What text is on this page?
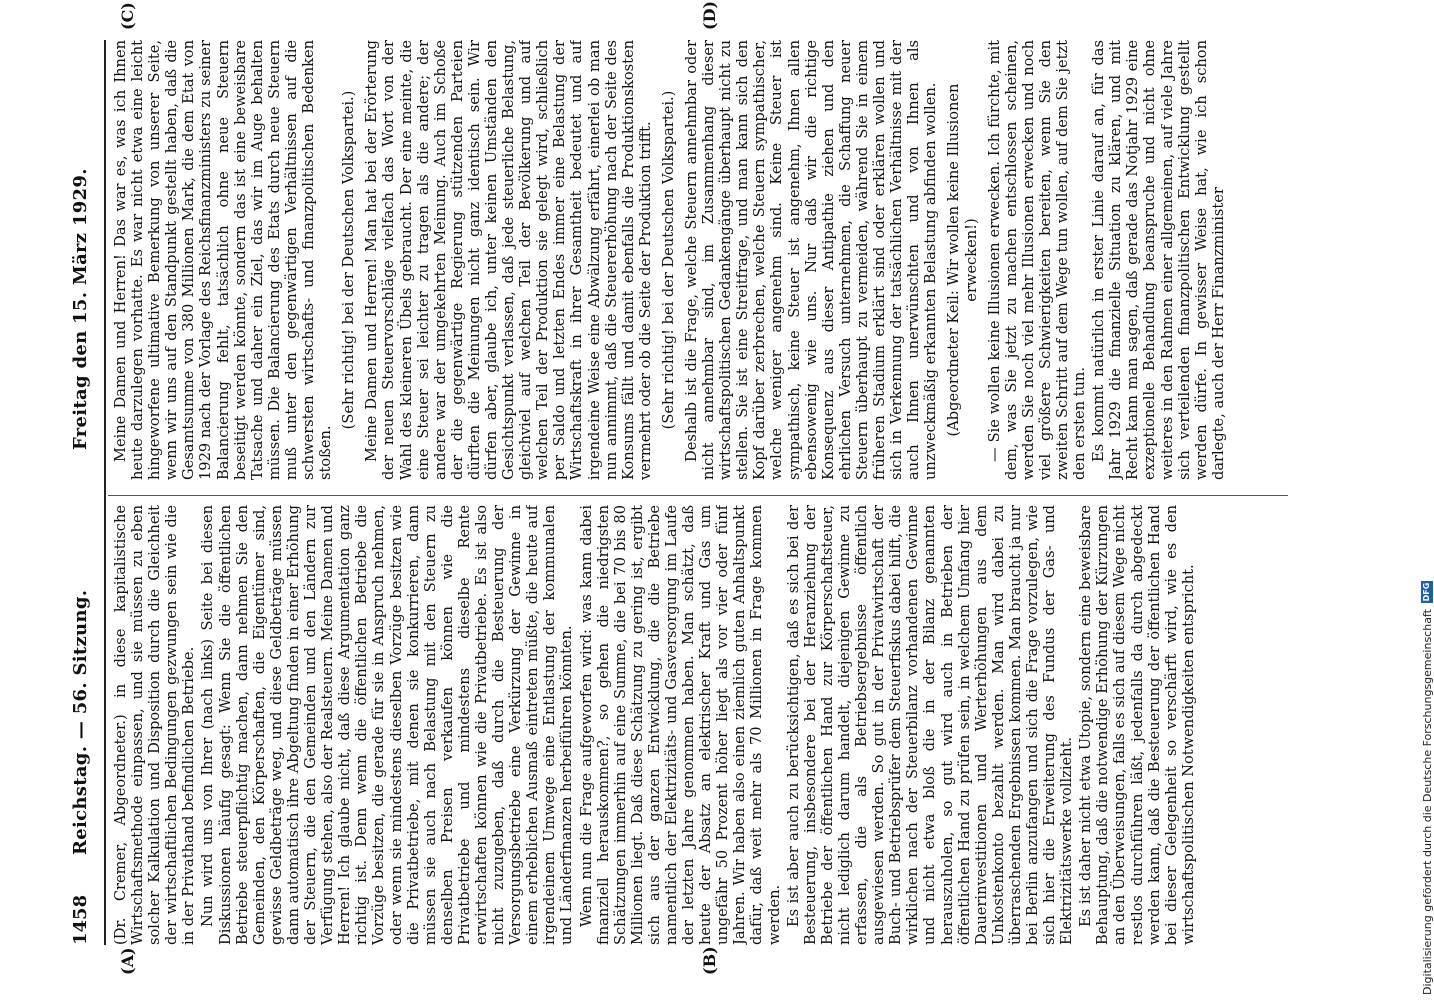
1458
Reichstag. — 56. Sitzung.
Freitag den 15. März 1929.
(A)	(B)
(C)	(D)

(Dr. Cremer, Abgeordneter.) in diese kapitalistische Wirtschaftsmethode einpassen, und sie müssen zu eben solcher Kalkulation und Disposition durch die Gleichheit der wirtschaftlichen Bedingungen gezwungen sein wie die in der Privathand befindlichen Betriebe. Nun wird uns von Ihrer (nach links) Seite bei diesen Diskussionen häufig gesagt: Wenn Sie die öffentlichen Betriebe steuerpflichtig machen, dann nehmen Sie den Gemeinden, den Körperschaften, die Eigentümer sind, gewisse Geldbeträge weg, und diese Geldbeträge müssen dann automatisch ihre Abgeltung finden in einer Erhöhung der Steuern, die den Gemeinden und den Ländern zur Verfügung stehen, also der Realsteuern. Meine Damen und Herren! Ich glaube nicht, daß diese Argumentation ganz richtig ist. Denn wenn die öffentlichen Betriebe die Vorzüge besitzen, die gerade für sie in Anspruch nehmen, oder wenn sie mindestens dieselben Vorzüge besitzen wie die Privatbetriebe, mit denen sie konkurrieren, dann müssen sie auch nach Belastung mit den Steuern zu denselben Preisen verkaufen können wie die Privatbetriebe und mindestens dieselbe Rente erwirtschaften können wie die Privatbetriebe. Es ist also nicht zuzugeben, daß durch die Besteuerung der Versorgungsbetriebe eine Verkürzung der Gewinne in einem erheblichen Ausmaß eintreten müßte, die heute auf irgendeinem Umwege eine Entlastung der kommunalen und Länderfinanzen herbeiführen könnten. Wenn nun die Frage aufgeworfen wird: was kann dabei finanziell herauskommen?, so gehen die niedrigsten Schätzungen immerhin auf eine Summe, die bei 70 bis 80 Millionen liegt. Daß diese Schätzung zu gering ist, ergibt sich aus der ganzen Entwicklung, die die Betriebe namentlich der Elektrizitäts- und Gasversorgung im Laufe der letzten Jahre genommen haben. Man schätzt, daß heute der Absatz an elektrischer Kraft und Gas um ungefähr 50 Prozent höher liegt als vor vier oder fünf Jahren. Wir haben also einen ziemlich guten Anhaltspunkt dafür, daß weit mehr als 70 Millionen in Frage kommen werden. Es ist aber auch zu berücksichtigen, daß es sich bei der Besteuerung, insbesondere bei der Heranziehung der Betriebe der öffentlichen Hand zur Körperschaftsteuer, nicht lediglich darum handelt, diejenigen Gewinne zu erfassen, die als Betriebsergebnisse öffentlich ausgewiesen werden. So gut in der Privatwirtschaft der Buch- und Betriebsprüfer dem Steuerfiskus dabei hilft, die wirklichen nach der Steuerbilanz vorhandenen Gewinne und nicht etwa bloß die in der Bilanz genannten herauszuholen, so gut wird auch in Betrieben der öffentlichen Hand zu prüfen sein, in welchem Umfang hier Dauerinvestitionen und Werterhöhungen aus dem Unkostenkonto bezahlt werden. Man wird dabei zu überraschenden Ergebnissen kommen. Man braucht ja nur bei Berlin anzufangen und sich die Frage vorzulegen, wie sich hier die Erweiterung des Fundus der Gas- und Elektrizitätswerke vollzieht. Es ist daher nicht etwa Utopie, sondern eine beweisbare Behauptung, daß die notwendige Erhöhung der Kürzungen an den Überweisungen, falls es sich auf diesem Wege nicht restlos durchführen läßt, jedenfalls da durch abgedeckt werden kann, daß die Besteuerung der öffentlichen Hand bei dieser Gelegenheit so verschärft wird, wie es den wirtschaftspolitischen Notwendigkeiten entspricht.

Meine Damen und Herren! Das war es, was ich Ihnen heute darzulegen vorhatte. Es war nicht etwa eine leicht hingeworfene ultimative Bemerkung von unserer Seite, wenn wir uns auf den Standpunkt gestellt haben, daß die Gesamtsumme von 380 Millionen Mark, die dem Etat von 1929 nach der Vorlage des Reichsfinanzministers zu seiner Balancierung fehlt, tatsächlich ohne neue Steuern beseitigt werden könnte, sondern das ist eine beweisbare Tatsache und daher ein Ziel, das wir im Auge behalten müssen. Die Balancierung des Etats durch neue Steuern muß unter den gegenwärtigen Verhältnissen auf die schwersten wirtschafts- und finanzpolitischen Bedenken stoßen.

(Sehr richtig! bei der Deutschen Volkspartei.) Meine Damen und Herren! Man hat bei der Erörterung der neuen Steuervorschläge vielfach das Wort von der Wahl des kleineren Übels gebraucht. Der eine meinte, die eine Steuer sei leichter zu tragen als die andere; der andere war der umgekehrten Meinung. Auch im Schoße der die gegenwärtige Regierung stützenden Parteien dürften die Meinungen nicht ganz identisch sein. Wir dürfen aber, glaube ich, unter keinen Umständen den Gesichtspunkt verlassen, daß jede steuerliche Belastung, gleichviel auf welchen Teil der Bevölkerung und auf welchen Teil der Produktion sie gelegt wird, schließlich per Saldo und letzten Endes immer eine Belastung der Wirtschaftskraft in ihrer Gesamtheit bedeutet und auf irgendeine Weise eine Abwälzung erfährt, einerlei ob man nun annimmt, daß die Steuererhöhung nach der Seite des Konsums fällt und damit ebenfalls die Produktionskosten vermehrt oder ob die Seite der Produktion trifft. (Sehr richtig! bei der Deutschen Volkspartei.) Deshalb ist die Frage, welche Steuern annehmbar oder nicht annehmbar sind, im Zusammenhang dieser wirtschaftspolitischen Gedankengänge überhaupt nicht zu stellen. Sie ist eine Streitfrage, und man kann sich den Kopf darüber zerbrechen, welche Steuern sympathischer, welche weniger angenehm sind. Keine Steuer ist sympathisch, keine Steuer ist angenehm, Ihnen allen ebensowenig wie uns. Nur daß wir die richtige Konsequenz aus dieser Antipathie ziehen und den ehrlichen Versuch unternehmen, die Schaffung neuer Steuern überhaupt zu vermeiden, während Sie in einem früheren Stadium erklärt sind oder erklären wollen und sich in Verkennung der tatsächlichen Verhältnisse mit der auch Ihnen unerwünschten und von Ihnen als unzweckmäßig erkannten Belastung abfinden wollen. (Abgeordneter Keil: Wir wollen keine Illusionen erwecken!) — Sie wollen keine Illusionen erwecken. Ich fürchte, mit dem, was Sie jetzt zu machen entschlossen scheinen, werden Sie noch viel mehr Illusionen erwecken und noch viel größere Schwierigkeiten bereiten, wenn Sie den zweiten Schritt auf dem Wege tun wollen, auf dem Sie jetzt den ersten tun. Es kommt natürlich in erster Linie darauf an, für das Jahr 1929 die finanzielle Situation zu klären, und mit Recht kann man sagen, daß gerade das Notjahr 1929 eine exzeptionelle Behandlung beanspruche und nicht ohne weiteres in den Rahmen einer allgemeinen, auf viele Jahre sich verteilenden finanzpolitischen Entwicklung gestellt werden dürfe. In gewisser Weise hat, wie ich schon darlegte, auch der Herr Finanzminister

Digitalisierung gefördert durch die Deutsche Forschungsgemeinschaft
DFG
